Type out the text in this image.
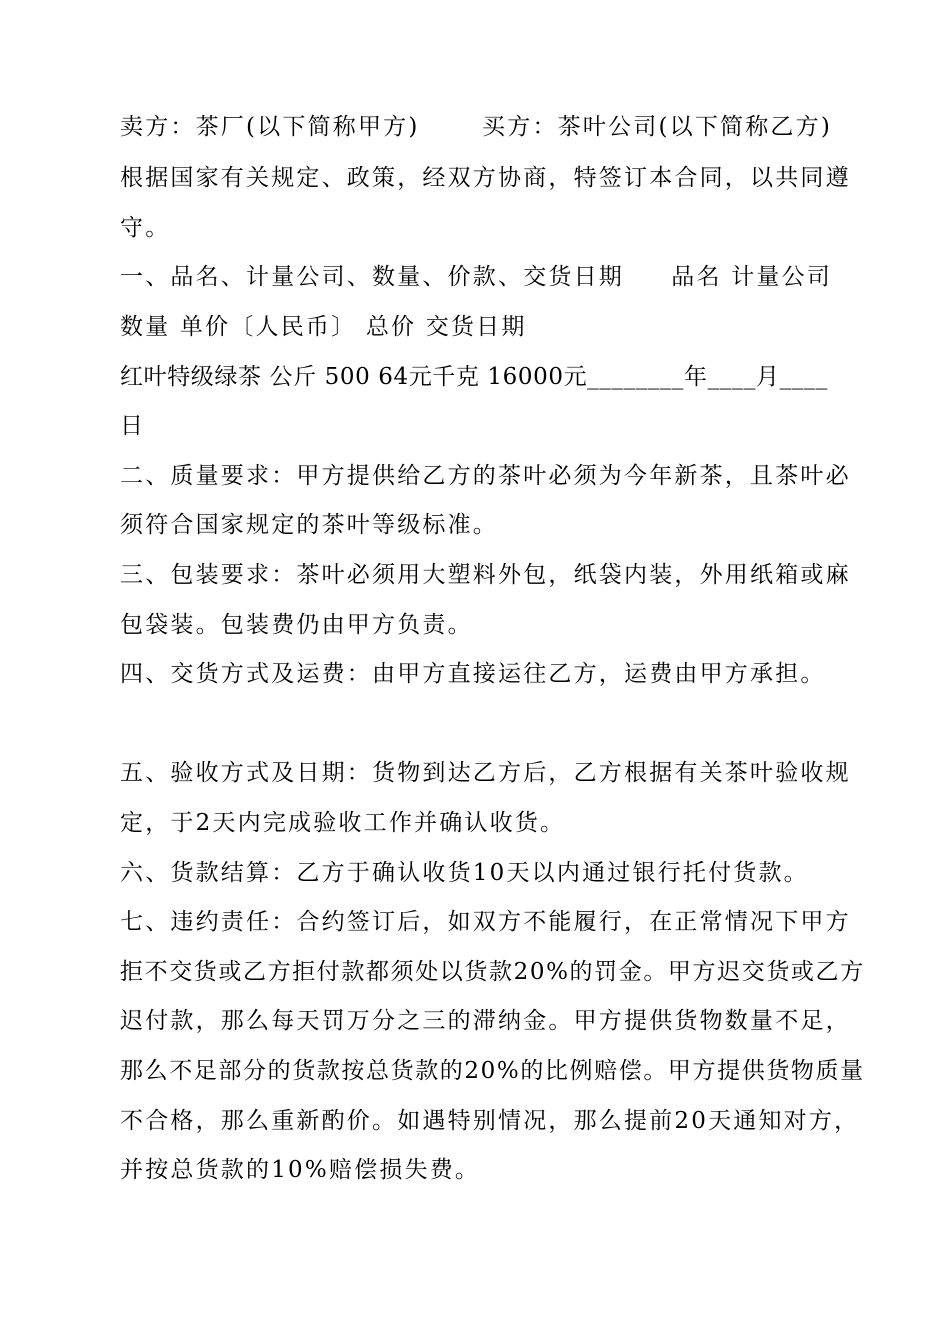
卖方：茶厂(以下简称甲方)	买方：茶叶公司(以下简称乙方)
根据国家有关规定、政策，经双方协商，特签订本合同，以共同遵
守。
一、品名、计量公司、数量、价款、交货日期 品名 计量公司
数量 单价〔人民币〕 总价 交货日期
红叶特级绿茶 公斤 500 64元千克 16000元________年____月____
日
二、质量要求：甲方提供给乙方的茶叶必须为今年新茶，且茶叶必
须符合国家规定的茶叶等级标准。
三、包装要求：茶叶必须用大塑料外包，纸袋内装，外用纸箱或麻
包袋装。包装费仍由甲方负责。
四、交货方式及运费：由甲方直接运往乙方，运费由甲方承担。
五、验收方式及日期：货物到达乙方后，乙方根据有关茶叶验收规
定，于2天内完成验收工作并确认收货。
六、货款结算：乙方于确认收货10天以内通过银行托付货款。
七、违约责任：合约签订后，如双方不能履行，在正常情况下甲方
拒不交货或乙方拒付款都须处以货款20%的罚金。甲方迟交货或乙方
迟付款，那么每天罚万分之三的滞纳金。甲方提供货物数量不足，
那么不足部分的货款按总货款的20%的比例赔偿。甲方提供货物质量
不合格，那么重新酌价。如遇特别情况，那么提前20天通知对方，
并按总货款的10%赔偿损失费。
